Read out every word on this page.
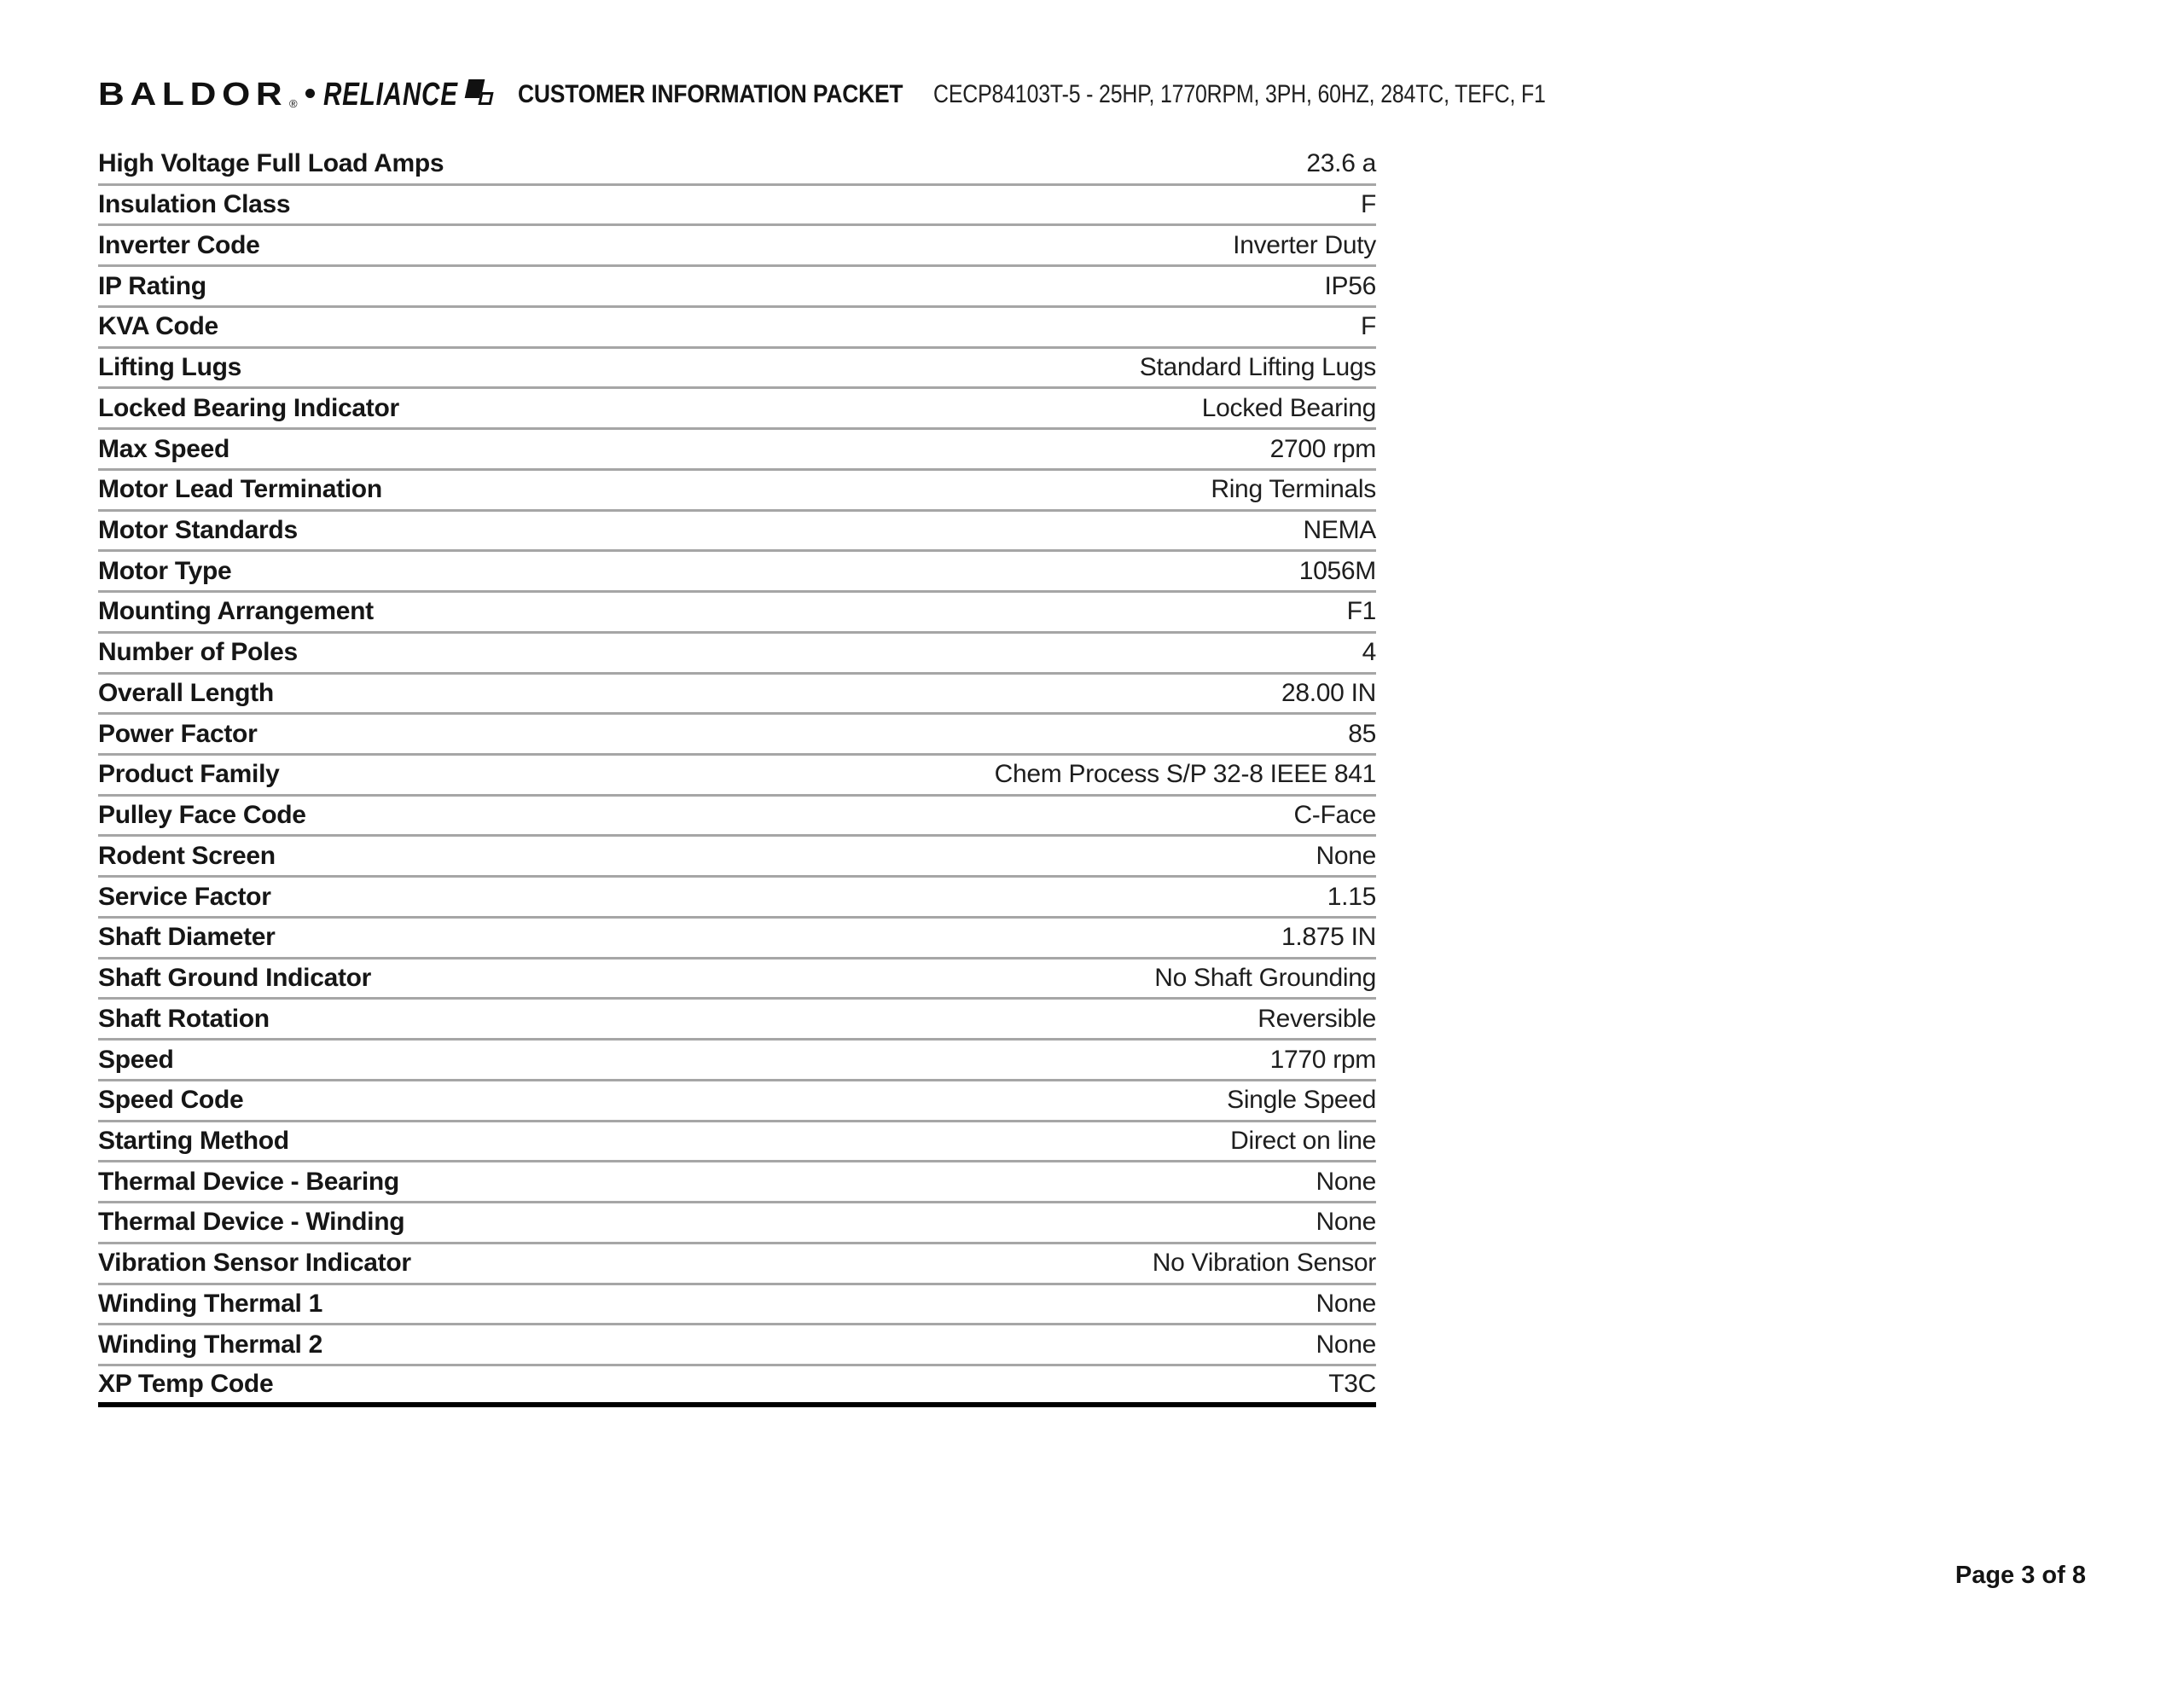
BALDOR ® RELIANCE CUSTOMER INFORMATION PACKET CECP84103T-5 - 25HP, 1770RPM, 3PH, 60HZ, 284TC, TEFC, F1
High Voltage Full Load Amps	23.6 a
Insulation Class	F
Inverter Code	Inverter Duty
IP Rating	IP56
KVA Code	F
Lifting Lugs	Standard Lifting Lugs
Locked Bearing Indicator	Locked Bearing
Max Speed	2700 rpm
Motor Lead Termination	Ring Terminals
Motor Standards	NEMA
Motor Type	1056M
Mounting Arrangement	F1
Number of Poles	4
Overall Length	28.00 IN
Power Factor	85
Product Family	Chem Process S/P 32-8 IEEE 841
Pulley Face Code	C-Face
Rodent Screen	None
Service Factor	1.15
Shaft Diameter	1.875 IN
Shaft Ground Indicator	No Shaft Grounding
Shaft Rotation	Reversible
Speed	1770 rpm
Speed Code	Single Speed
Starting Method	Direct on line
Thermal Device - Bearing	None
Thermal Device - Winding	None
Vibration Sensor Indicator	No Vibration Sensor
Winding Thermal 1	None
Winding Thermal 2	None
XP Temp Code	T3C
Page 3 of 8
